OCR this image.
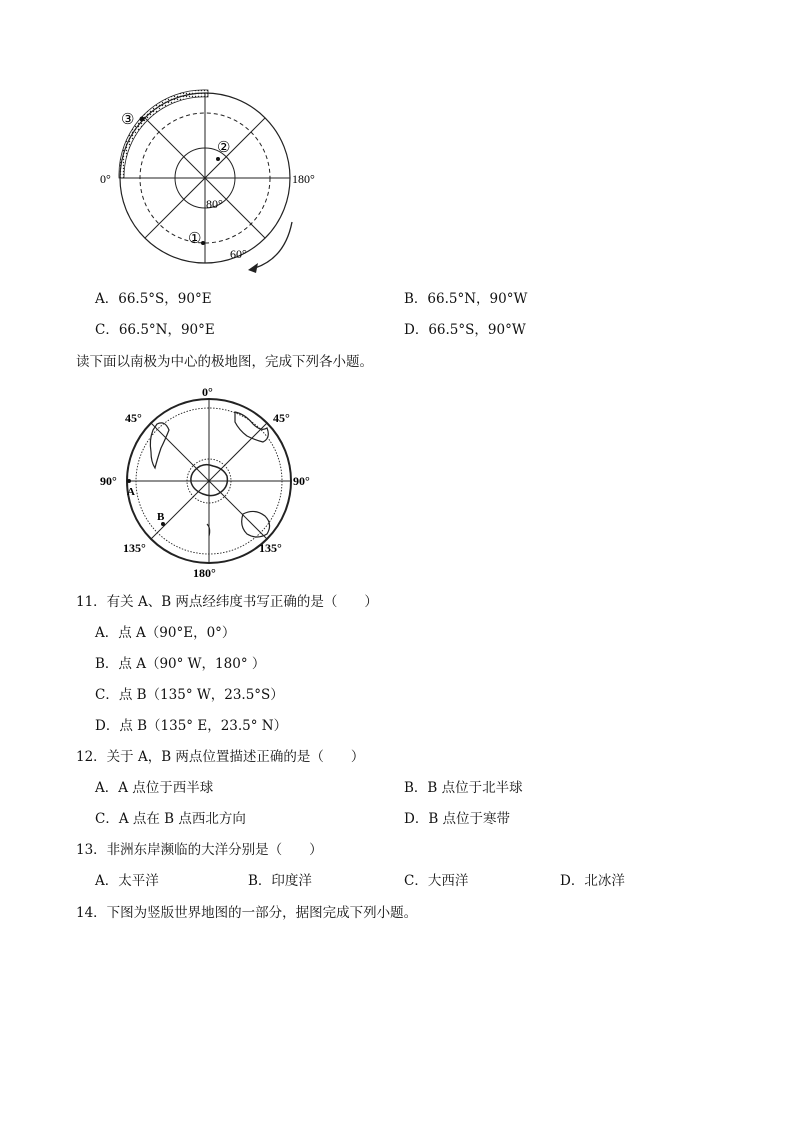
③
②
①
0°	180°
80°
60°
A．66.5°S，90°E	B．66.5°N，90°W
C．66.5°N，90°E	D．66.5°S，90°W
读下面以南极为中心的极地图，完成下列各小题。
A
B
0°
90°	90°
180°
45°	45°
135°	135°
11．有关 A、B 两点经纬度书写正确的是（　　）
A．点 A（90°E，0°）
B．点 A（90° W，180° ）
C．点 B（135° W，23.5°S）
D．点 B（135° E，23.5° N）
12．关于 A，B 两点位置描述正确的是（　　）
A．A 点位于西半球	B．B 点位于北半球
C．A 点在 B 点西北方向	D．B 点位于寒带
13．非洲东岸濒临的大洋分别是（　　）
A．太平洋	B．印度洋	C．大西洋	D．北冰洋
14．下图为竖版世界地图的一部分，据图完成下列小题。
